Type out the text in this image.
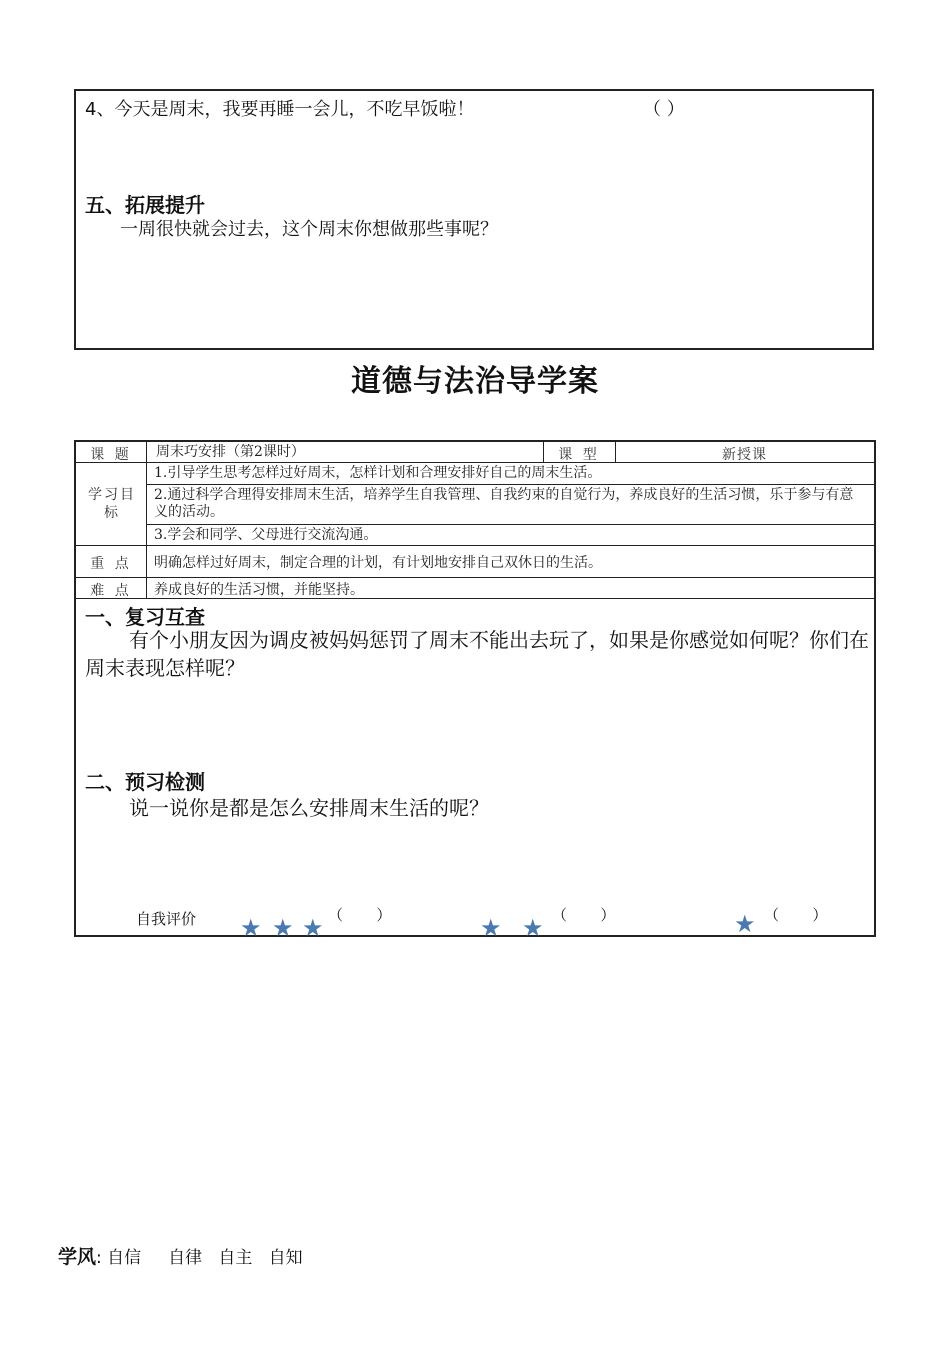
4、今天是周末，我要再睡一会儿，不吃早饭啦！	（ ）
五、拓展提升
一周很快就会过去，这个周末你想做那些事呢？
道德与法治导学案
课 题	周末巧安排（第2课时）	课 型	新授课
学习目标
1.引导学生思考怎样过好周末，怎样计划和合理安排好自己的周末生活。
2.通过科学合理得安排周末生活，培养学生自我管理、自我约束的自觉行为，养成良好的生活习惯，乐于参与有意义的活动。
3.学会和同学、父母进行交流沟通。
重 点	明确怎样过好周末，制定合理的计划，有计划地安排自己双休日的生活。
难 点	养成良好的生活习惯，并能坚持。
一、复习互查
有个小朋友因为调皮被妈妈惩罚了周末不能出去玩了，如果是你感觉如何呢？你们在周末表现怎样呢？
二、预习检测
说一说你是都是怎么安排周末生活的呢？
自我评价 ★ ★ ★ （       ）	★ ★ （       ）	★ （       ）
学风: 自信     自律   自主   自知
